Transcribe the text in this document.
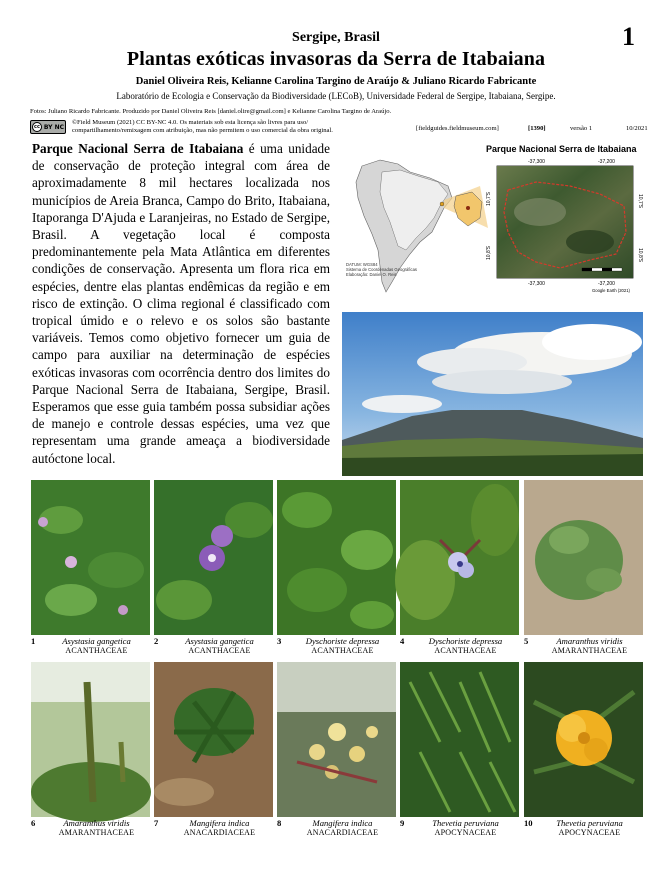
Sergipe, Brasil	1
Plantas exóticas invasoras da Serra de Itabaiana
Daniel Oliveira Reis, Kelianne Carolina Targino de Araújo & Juliano Ricardo Fabricante
Laboratório de Ecologia e Conservação da Biodiversidade (LECoB), Universidade Federal de Sergipe, Itabaiana, Sergipe.
Fotos: Juliano Ricardo Fabricante. Produzido por Daniel Oliveira Reis [daniel.olire@gmail.com] e Kelianne Carolina Targino de Araújo.
cc BY NC
©Field Museum (2021) CC BY-NC 4.0. Os materiais sob esta licença são livres para uso/
compartilhamento/remixagem com atribuição, mas não permitem o uso comercial da obra original.	[fieldguides.fieldmuseum.com]	[1390]	versão 1	10/2021
Parque Nacional Serra de Itabaiana é uma unidade de conservação de proteção integral com área de aproximadamente 8 mil hectares localizada nos municípios de Areia Branca, Campo do Brito, Itabaiana, Itaporanga D'Ajuda e Laranjeiras, no Estado de Sergipe, Brasil. A vegetação local é composta predominantemente pela Mata Atlântica em diferentes condições de conservação. Apresenta um flora rica em espécies, dentre elas plantas endêmicas da região e em risco de extinção. O clima regional é classificado com tropical úmido e o relevo e os solos são bastante variáveis. Temos como objetivo fornecer um guia de campo para auxiliar na determinação de espécies exóticas invasoras com ocorrência dentro dos limites do Parque Nacional Serra de Itabaiana, Sergipe, Brasil. Esperamos que esse guia também possa subsidiar ações de manejo e controle dessas espécies, uma vez que representam uma grande ameaça a biodiversidade autóctone local.
-37,300	-37,200
-37,300	-37,200
10,7'S
10,8'S
10,7'S
10,8'S
Google Earth (2021)
Parque Nacional Serra de Itabaiana
DATUM: WGS84
Sistema de Coordenadas Geográficas
Elaboração: Daniel O. Reis
1	Asystasia gangetica
ACANTHACEAE
2	Asystasia gangetica
ACANTHACEAE
3	Dyschoriste depressa
ACANTHACEAE
4	Dyschoriste depressa
ACANTHACEAE
5	Amaranthus viridis
AMARANTHACEAE
6	Amaranthus viridis
AMARANTHACEAE
7	Mangifera indica
ANACARDIACEAE
8	Mangifera indica
ANACARDIACEAE
9	Thevetia peruviana
APOCYNACEAE
10	Thevetia peruviana
APOCYNACEAE
